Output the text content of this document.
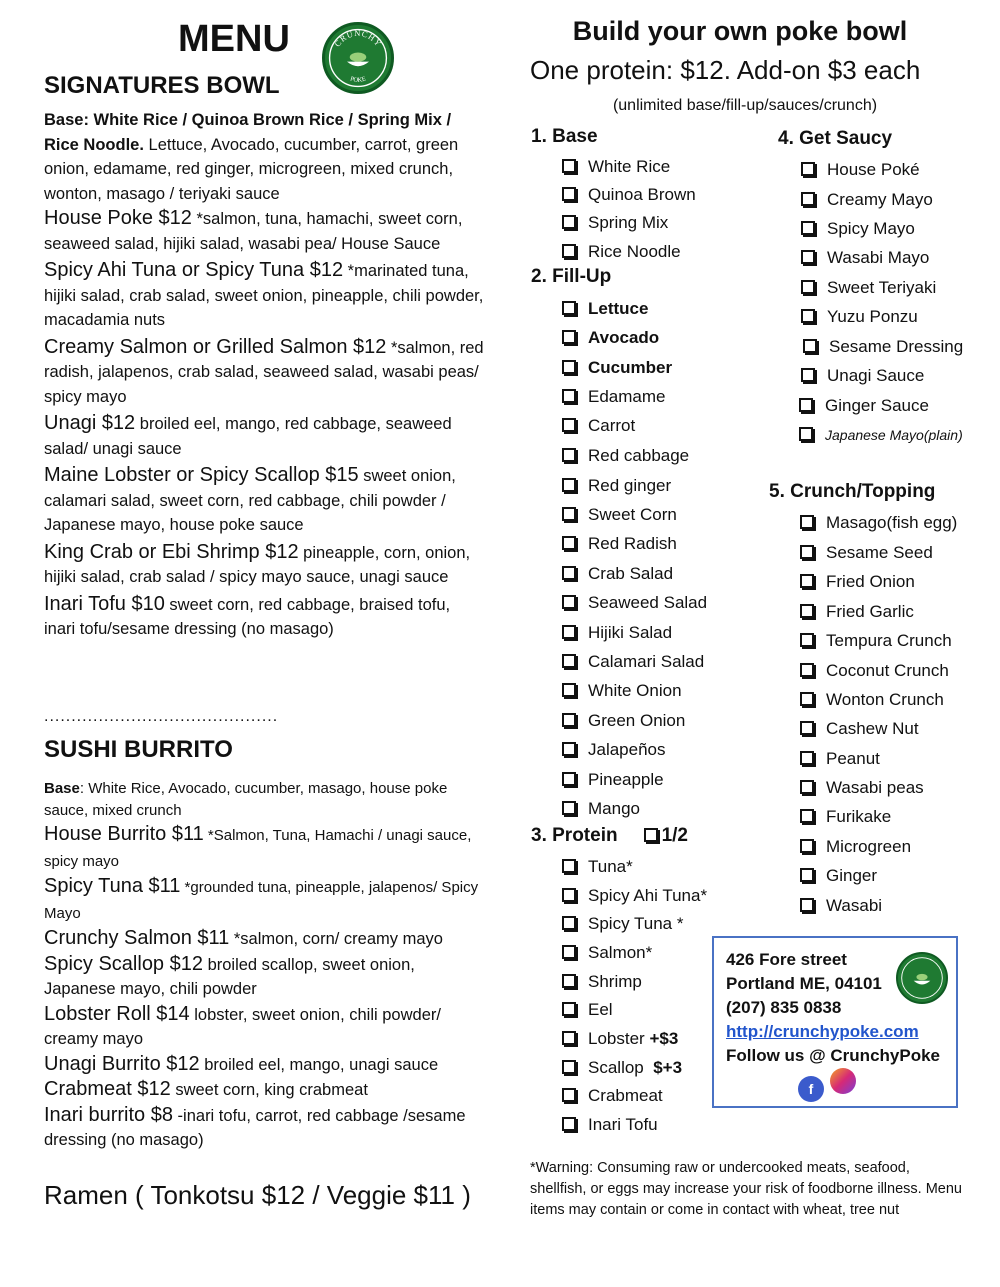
MENU	CRUNCHY
POKE
SIGNATURES BOWL
Base: White Rice / Quinoa Brown Rice / Spring Mix / Rice Noodle. Lettuce, Avocado, cucumber, carrot, green onion, edamame, red ginger, microgreen, mixed crunch, wonton, masago / teriyaki sauce

House Poke $12 *salmon, tuna, hamachi, sweet corn, seaweed salad, hijiki salad, wasabi pea/ House Sauce

Spicy Ahi Tuna or Spicy Tuna $12 *marinated tuna, hijiki salad, crab salad, sweet onion, pineapple, chili powder, macadamia nuts

Creamy Salmon or Grilled Salmon $12 *salmon, red radish, jalapenos, crab salad, seaweed salad, wasabi peas/ spicy mayo

Unagi $12 broiled eel, mango, red cabbage, seaweed salad/ unagi sauce

Maine Lobster or Spicy Scallop $15 sweet onion, calamari salad, sweet corn, red cabbage, chili powder / Japanese mayo, house poke sauce

King Crab or Ebi Shrimp $12 pineapple, corn, onion, hijiki salad, crab salad / spicy mayo sauce, unagi sauce

Inari Tofu $10 sweet corn, red cabbage, braised tofu, inari tofu/sesame dressing (no masago)

...........................................
SUSHI BURRITO
Base: White Rice, Avocado, cucumber, masago, house poke sauce, mixed crunch

House Burrito $11 *Salmon, Tuna, Hamachi / unagi sauce, spicy mayo

Spicy Tuna $11 *grounded tuna, pineapple, jalapenos/ Spicy Mayo

Crunchy Salmon $11 *salmon, corn/ creamy mayo

Spicy Scallop $12 broiled scallop, sweet onion, Japanese mayo, chili powder

Lobster Roll $14 lobster, sweet onion, chili powder/ creamy mayo

Unagi Burrito $12 broiled eel, mango, unagi sauce

Crabmeat $12 sweet corn, king crabmeat

Inari burrito $8 -inari tofu, carrot, red cabbage /sesame dressing (no masago)

Ramen ( Tonkotsu $12 / Veggie $11 )
Build your own poke bowl
One protein: $12. Add-on $3 each
(unlimited base/fill-up/sauces/crunch)
1. Base
White Rice
Quinoa Brown
Spring Mix
Rice Noodle
2. Fill-Up
Lettuce
Avocado
Cucumber
Edamame
Carrot
Red cabbage
Red ginger
Sweet Corn
Red Radish
Crab Salad
Seaweed Salad
Hijiki Salad
Calamari Salad
White Onion
Green Onion
Jalapeños
Pineapple
Mango
3. Protein 1/2
Tuna*
Spicy Ahi Tuna*
Spicy Tuna *
Salmon*
Shrimp
Eel
Lobster +$3
Scallop $+3
Crabmeat
Inari Tofu
4. Get Saucy
House Poké
Creamy Mayo
Spicy Mayo
Wasabi Mayo
Sweet Teriyaki
Yuzu Ponzu
Sesame Dressing
Unagi Sauce
Ginger Sauce
Japanese Mayo(plain)
5. Crunch/Topping
Masago(fish egg)
Sesame Seed
Fried Onion
Fried Garlic
Tempura Crunch
Coconut Crunch
Wonton Crunch
Cashew Nut
Peanut
Wasabi peas
Furikake
Microgreen
Ginger
Wasabi
426 Fore street
Portland ME, 04101
(207) 835 0838
http://crunchypoke.com
Follow us @ CrunchyPoke
f
*Warning: Consuming raw or undercooked meats, seafood, shellfish, or eggs may increase your risk of foodborne illness. Menu items may contain or come in contact with wheat, tree nut
